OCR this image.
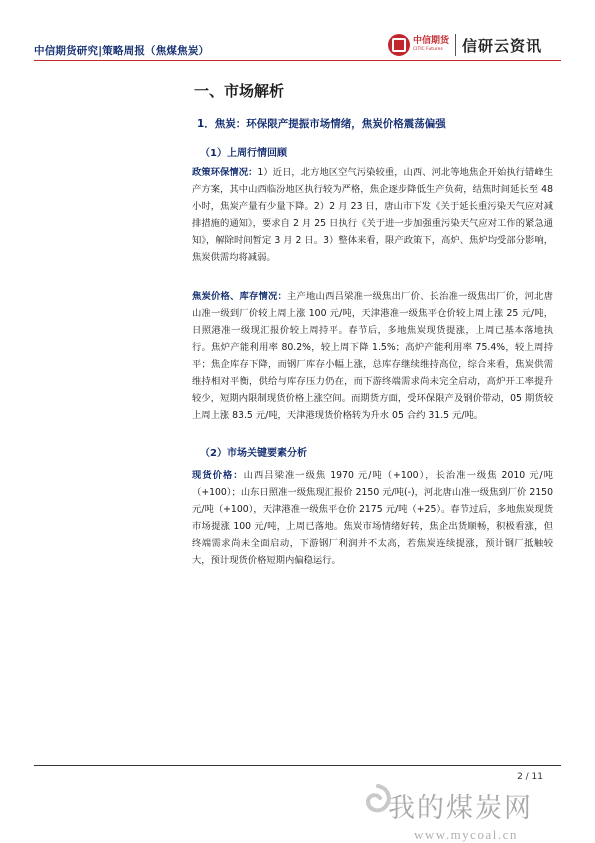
中信期货研究|策略周报（焦煤焦炭）
中信期货
CITIC Futures	信研云资讯
一、市场解析
1．焦炭：环保限产提振市场情绪，焦炭价格震荡偏强
（1）上周行情回顾
政策环保情况：1）近日，北方地区空气污染较重，山西、河北等地焦企开始执行错峰生产方案，其中山西临汾地区执行较为严格，焦企逐步降低生产负荷，结焦时间延长至 48 小时，焦炭产量有少量下降。2）2 月 23 日，唐山市下发《关于延长重污染天气应对减排措施的通知》，要求自 2 月 25 日执行《关于进一步加强重污染天气应对工作的紧急通知》，解除时间暂定 3 月 2 日。3）整体来看，限产政策下，高炉、焦炉均受部分影响，焦炭供需均将减弱。
焦炭价格、库存情况：主产地山西吕梁准一级焦出厂价、长治准一级焦出厂价，河北唐山准一级到厂价较上周上涨 100 元/吨，天津港准一级焦平仓价较上周上涨 25 元/吨，日照港准一级现汇报价较上周持平。春节后，多地焦炭现货提涨，上周已基本落地执行。焦炉产能利用率 80.2%，较上周下降 1.5%；高炉产能利用率 75.4%，较上周持平；焦企库存下降，而钢厂库存小幅上涨，总库存继续维持高位，综合来看，焦炭供需维持相对平衡，供给与库存压力仍在，而下游终端需求尚未完全启动，高炉开工率提升较少，短期内限制现货价格上涨空间。而期货方面，受环保限产及钢价带动，05 期货较上周上涨 83.5 元/吨，天津港现货价格转为升水 05 合约 31.5 元/吨。
（2）市场关键要素分析
现货价格：山西吕梁准一级焦 1970 元/吨（+100），长治准一级焦 2010 元/吨（+100）；山东日照准一级焦现汇报价 2150 元/吨(-)，河北唐山准一级焦到厂价 2150 元/吨（+100），天津港准一级焦平仓价 2175 元/吨（+25）。春节过后，多地焦炭现货市场提涨 100 元/吨，上周已落地。焦炭市场情绪好转，焦企出货顺畅，积极看涨，但终端需求尚未全面启动，下游钢厂利润并不太高，若焦炭连续提涨，预计钢厂抵触较大，预计现货价格短期内偏稳运行。
2 / 11
我的煤炭网
www.mycoal.cn
